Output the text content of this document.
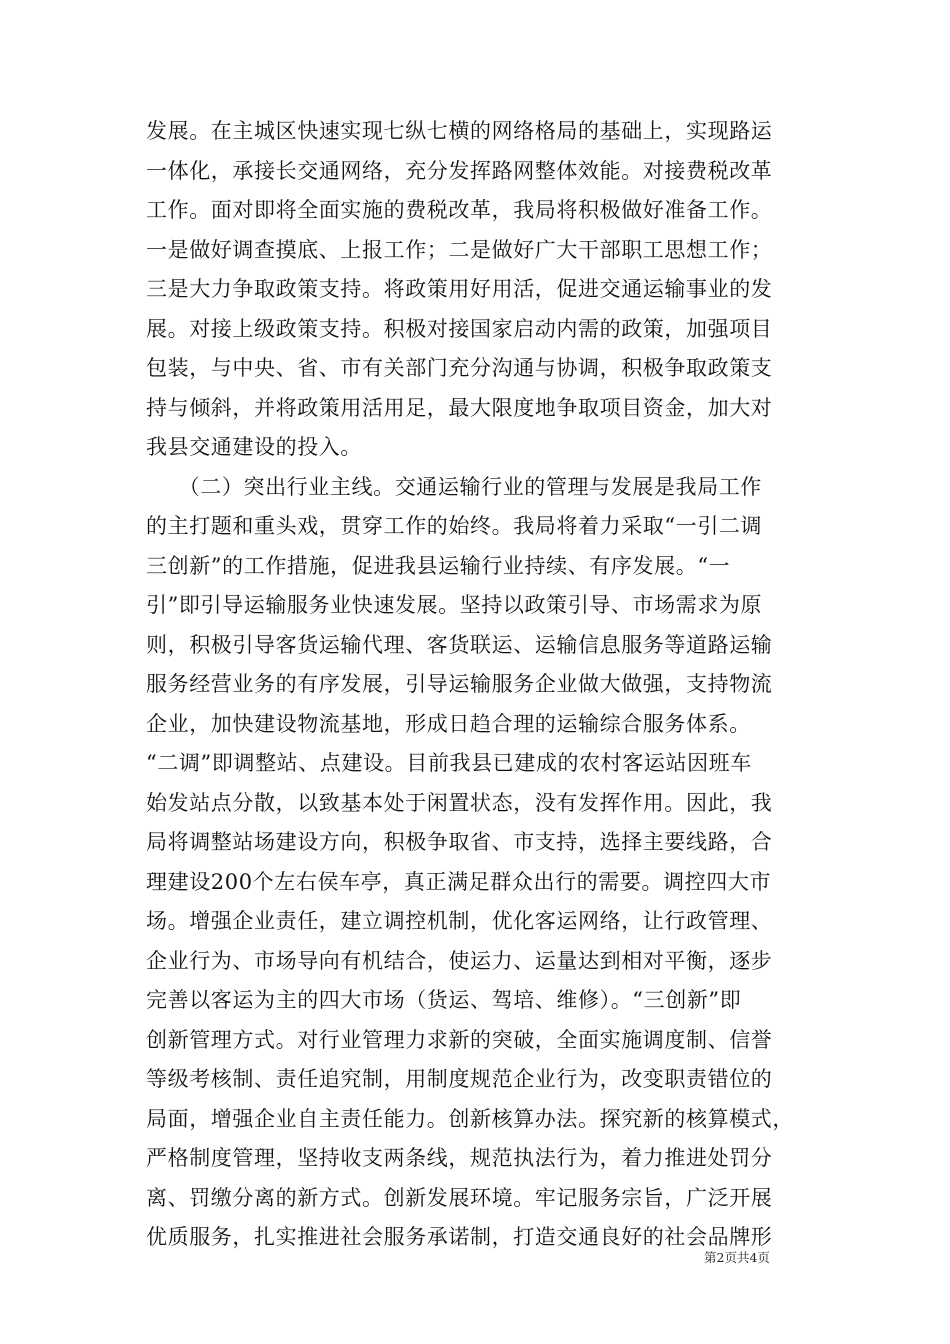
发展。在主城区快速实现七纵七横的网络格局的基础上，实现路运
一体化，承接长交通网络，充分发挥路网整体效能。对接费税改革
工作。面对即将全面实施的费税改革，我局将积极做好准备工作。
一是做好调查摸底、上报工作；二是做好广大干部职工思想工作；
三是大力争取政策支持。将政策用好用活，促进交通运输事业的发
展。对接上级政策支持。积极对接国家启动内需的政策，加强项目
包装，与中央、省、市有关部门充分沟通与协调，积极争取政策支
持与倾斜，并将政策用活用足，最大限度地争取项目资金，加大对
我县交通建设的投入。
　　（二）突出行业主线。交通运输行业的管理与发展是我局工作
的主打题和重头戏，贯穿工作的始终。我局将着力采取“一引二调
三创新”的工作措施，促进我县运输行业持续、有序发展。“一
引”即引导运输服务业快速发展。坚持以政策引导、市场需求为原
则，积极引导客货运输代理、客货联运、运输信息服务等道路运输
服务经营业务的有序发展，引导运输服务企业做大做强，支持物流
企业，加快建设物流基地，形成日趋合理的运输综合服务体系。
“二调”即调整站、点建设。目前我县已建成的农村客运站因班车
始发站点分散，以致基本处于闲置状态，没有发挥作用。因此，我
局将调整站场建设方向，积极争取省、市支持，选择主要线路，合
理建设200个左右侯车亭，真正满足群众出行的需要。调控四大市
场。增强企业责任，建立调控机制，优化客运网络，让行政管理、
企业行为、市场导向有机结合，使运力、运量达到相对平衡，逐步
完善以客运为主的四大市场（货运、驾培、维修）。“三创新”即
创新管理方式。对行业管理力求新的突破，全面实施调度制、信誉
等级考核制、责任追究制，用制度规范企业行为，改变职责错位的
局面，增强企业自主责任能力。创新核算办法。探究新的核算模式，
严格制度管理，坚持收支两条线，规范执法行为，着力推进处罚分
离、罚缴分离的新方式。创新发展环境。牢记服务宗旨，广泛开展
优质服务，扎实推进社会服务承诺制，打造交通良好的社会品牌形
第2页共4页
